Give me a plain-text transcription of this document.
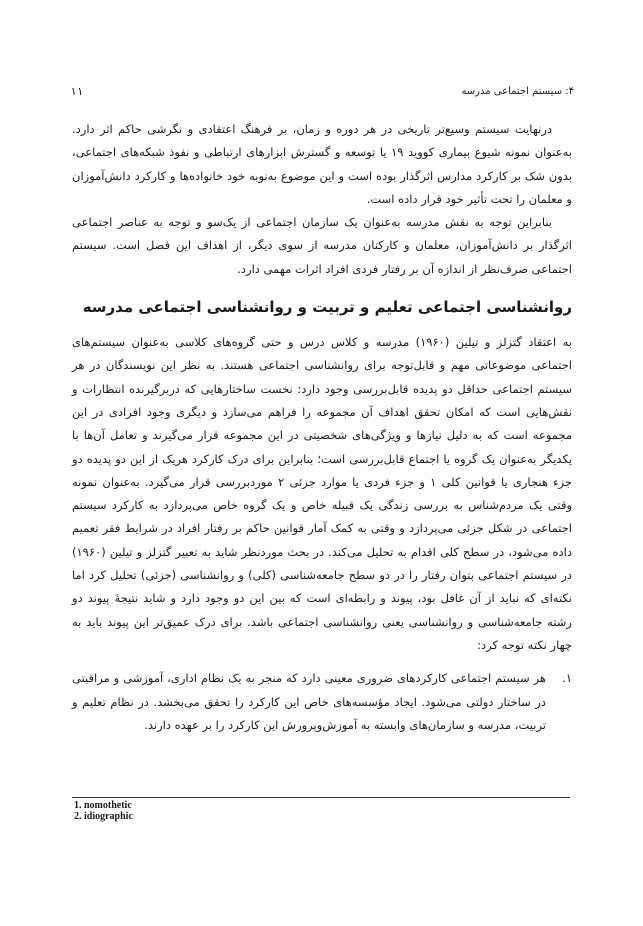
۴: سیستم اجتماعی مدرسه
۱۱

درنهایت سیستم وسیع‌تر تاریخی در هر دوره و زمان، بر فرهنگ اعتقادی و نگرشی حاکم اثر دارد. به‌عنوان نمونه شیوع بیماری کووید ۱۹ یا توسعه و گسترش ابزارهای ارتباطی و نفوذ شبکه‌های اجتماعی، بدون شک بر کارکرد مدارس اثرگذار بوده است و این موضوع به‌نوبه خود خانواده‌ها و کارکرد دانش‌آموزان و معلمان را تحت تأثیر خود قرار داده است.

بنابراین توجه به نقش مدرسه به‌عنوان یک سازمان اجتماعی از یک‌سو و توجه به عناصر اجتماعی اثرگذار بر دانش‌آموزان، معلمان و کارکنان مدرسه از سوی دیگر، از اهداف این فصل است. سیستم اجتماعی صرف‌نظر از اندازه آن بر رفتار فردی افراد اثرات مهمی دارد.

روانشناسی اجتماعی تعلیم و تربیت و روانشناسی اجتماعی مدرسه

به اعتقاد گتزلز و تیلین (۱۹۶۰) مدرسه و کلاس درس و حتی گروه‌های کلاسی به‌عنوان سیستم‌های اجتماعی موضوعاتی مهم و قابل‌توجه برای روانشناسی اجتماعی هستند. به نظر این نویسندگان در هر سیستم اجتماعی حداقل دو پدیده قابل‌بررسی وجود دارد: نخست ساختارهایی که دربرگیرنده انتظارات و نقش‌هایی است که امکان تحقق اهداف آن مجموعه را فراهم می‌سازد و دیگری وجود افرادی در این مجموعه است که به دلیل نیازها و ویژگی‌های شخصیتی در این مجموعه قرار می‌گیرند و تعامل آن‌ها با یکدیگر به‌عنوان یک گروه یا اجتماع قابل‌بررسی است؛ بنابراین برای درک کارکرد هریک از این دو پدیده دو جزء هنجاری یا قوانین کلی ۱ و جزء فردی یا موارد جزئی ۲ موردبررسی قرار می‌گیرد. به‌عنوان نمونه وقتی یک مردم‌شناس به بررسی زندگی یک قبیله خاص و یک گروه خاص می‌پردازد به کارکرد سیستم اجتماعی در شکل جزئی می‌پردازد و وقتی به کمک آمار قوانین حاکم بر رفتار افراد در شرایط فقر تعمیم داده می‌شود، در سطح کلی اقدام به تحلیل می‌کند. در بحث موردنظر شاید به تعبیر گتزلز و تیلین (۱۹۶۰) در سیستم اجتماعی بتوان رفتار را در دو سطح جامعه‌شناسی (کلی) و روانشناسی (جزئی) تحلیل کرد اما نکته‌ای که نباید از آن غافل بود، پیوند و رابطه‌ای است که بین این دو وجود دارد و شاید نتیجهٔ پیوند دو رشته جامعه‌شناسی و روانشناسی یعنی روانشناسی اجتماعی باشد. برای درک عمیق‌تر این پیوند باید به چهار نکته توجه کرد:

۱.
هر سیستم اجتماعی کارکردهای ضروری معینی دارد که منجر به یک نظام اداری، آموزشی و مراقبتی در ساختار دولتی می‌شود. ایجاد مؤسسه‌های خاص این کارکرد را تحقق می‌بخشد. در نظام تعلیم و تربیت، مدرسه و سازمان‌های وابسته به آموزش‌وپرورش این کارکرد را بر عهده دارند.
1. nomothetic
2. idiographic
